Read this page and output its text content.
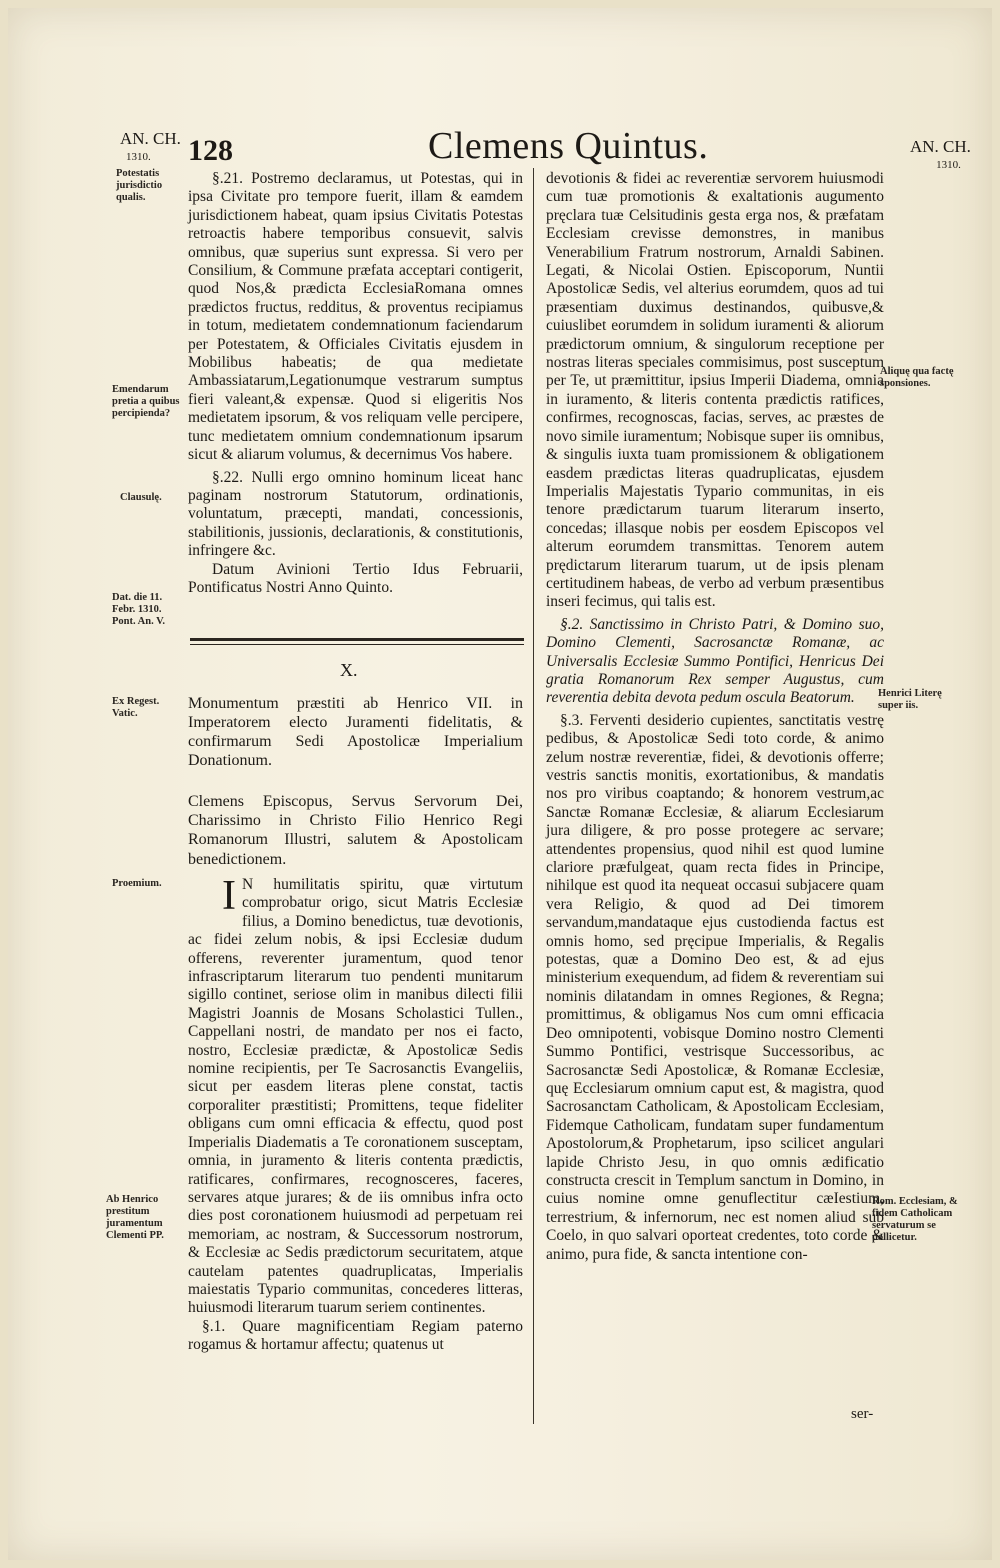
AN. CH.
1310.	128	Clemens Quintus.	AN. CH.
1310.
Potestatis jurisdictio qualis.
Emendarum pretia a quibus percipienda?
Clausulę.
Dat. die 11. Febr. 1310. Pont. An. V.
Ex Regest. Vatic.
Proemium.
Ab Henrico prestitum juramentum Clementi PP.
Aliquę qua factę sponsiones.
Henrici Literę super iis.
Rom. Ecclesiam, & fidem Catholicam servaturum se pollicetur.

§.21. Postremo declaramus, ut Potestas, qui in ipsa Civitate pro tempore fuerit, illam & eamdem jurisdictionem habeat, quam ipsius Civitatis Potestas retroactis habere temporibus consuevit, salvis omnibus, quæ superius sunt expressa. Si vero per Consilium, & Commune præfata acceptari contigerit, quod Nos,& prædicta EcclesiaRomana omnes prædictos fructus, redditus, & proventus recipiamus in totum, medietatem condemnationum faciendarum per Potestatem, & Officiales Civitatis ejusdem in Mobilibus habeatis; de qua medietate Ambassiatarum,Legationumque vestrarum sumptus fieri valeant,& expensæ. Quod si eligeritis Nos medietatem ipsorum, & vos reliquam velle percipere, tunc medietatem omnium condemnationum ipsarum sicut & aliarum volumus, & decernimus Vos habere.

§.22. Nulli ergo omnino hominum liceat hanc paginam nostrorum Statutorum, ordinationis, voluntatum, præcepti, mandati, concessionis, stabilitionis, jussionis, declarationis, & constitutionis, infringere &c.

Datum Avinioni Tertio Idus Februarii, Pontificatus Nostri Anno Quinto.

X.
Monumentum præstiti ab Henrico VII. in Imperatorem electo Juramenti fidelitatis, & confirmarum Sedi Apostolicæ Imperialium Donationum.
Clemens Episcopus, Servus Servorum Dei, Charissimo in Christo Filio Henrico Regi Romanorum Illustri, salutem & Apostolicam benedictionem.
I N humilitatis spiritu, quæ virtutum comprobatur origo, sicut Matris Ecclesiæ filius, a Domino benedictus, tuæ devotionis, ac fidei zelum nobis, & ipsi Ecclesiæ dudum offerens, reverenter juramentum, quod tenor infrascriptarum literarum tuo pendenti munitarum sigillo continet, seriose olim in manibus dilecti filii Magistri Joannis de Mosans Scholastici Tullen., Cappellani nostri, de mandato per nos ei facto, nostro, Ecclesiæ prædictæ, & Apostolicæ Sedis nomine recipientis, per Te Sacrosanctis Evangeliis, sicut per easdem literas plene constat, tactis corporaliter præstitisti; Promittens, teque fideliter obligans cum omni efficacia & effectu, quod post Imperialis Diadematis a Te coronationem susceptam, omnia, in juramento & literis contenta prædictis, ratificares, confirmares, recognosceres, faceres, servares atque jurares; & de iis omnibus infra octo dies post coronationem huiusmodi ad perpetuam rei memoriam, ac nostram, & Successorum nostrorum, & Ecclesiæ ac Sedis prædictorum securitatem, atque cautelam patentes quadruplicatas, Imperialis maiestatis Typario communitas, concederes litteras, huiusmodi literarum tuarum seriem continentes.

§.1. Quare magnificentiam Regiam paterno rogamus & hortamur affectu; quatenus ut

devotionis & fidei ac reverentiæ servorem huiusmodi cum tuæ promotionis & exaltationis augumento pręclara tuæ Celsitudinis gesta erga nos, & præfatam Ecclesiam crevisse demonstres, in manibus Venerabilium Fratrum nostrorum, Arnaldi Sabinen. Legati, & Nicolai Ostien. Episcoporum, Nuntii Apostolicæ Sedis, vel alterius eorumdem, quos ad tui præsentiam duximus destinandos, quibusve,& cuiuslibet eorumdem in solidum iuramenti & aliorum prædictorum omnium, & singulorum receptione per nostras literas speciales commisimus, post susceptum per Te, ut præmittitur, ipsius Imperii Diadema, omnia in iuramento, & literis contenta prædictis ratifices, confirmes, recognoscas, facias, serves, ac præstes de novo simile iuramentum; Nobisque super iis omnibus, & singulis iuxta tuam promissionem & obligationem easdem prædictas literas quadruplicatas, ejusdem Imperialis Majestatis Typario communitas, in eis tenore prædictarum tuarum literarum inserto, concedas; illasque nobis per eosdem Episcopos vel alterum eorumdem transmittas. Tenorem autem prędictarum literarum tuarum, ut de ipsis plenam certitudinem habeas, de verbo ad verbum præsentibus inseri fecimus, qui talis est.

§.2. Sanctissimo in Christo Patri, & Domino suo, Domino Clementi, Sacrosanctæ Romanæ, ac Universalis Ecclesiæ Summo Pontifici, Henricus Dei gratia Romanorum Rex semper Augustus, cum reverentia debita devota pedum oscula Beatorum.

§.3. Ferventi desiderio cupientes, sanctitatis vestrę pedibus, & Apostolicæ Sedi toto corde, & animo zelum nostræ reverentiæ, fidei, & devotionis offerre; vestris sanctis monitis, exortationibus, & mandatis nos pro viribus coaptando; & honorem vestrum,ac Sanctæ Romanæ Ecclesiæ, & aliarum Ecclesiarum jura diligere, & pro posse protegere ac servare; attendentes propensius, quod nihil est quod lumine clariore præfulgeat, quam recta fides in Principe, nihilque est quod ita nequeat occasui subjacere quam vera Religio, & quod ad Dei timorem servandum,mandataque ejus custodienda factus est omnis homo, sed pręcipue Imperialis, & Regalis potestas, quæ a Domino Deo est, & ad ejus ministerium exequendum, ad fidem & reverentiam sui nominis dilatandam in omnes Regiones, & Regna; promittimus, & obligamus Nos cum omni efficacia Deo omnipotenti, vobisque Domino nostro Clementi Summo Pontifici, vestrisque Successoribus, ac Sacrosanctæ Sedi Apostolicæ, & Romanæ Ecclesiæ, quę Ecclesiarum omnium caput est, & magistra, quod Sacrosanctam Catholicam, & Apostolicam Ecclesiam, Fidemque Catholicam, fundatam super fundamentum Apostolorum,& Prophetarum, ipso scilicet angulari lapide Christo Jesu, in quo omnis ædificatio constructa crescit in Templum sanctum in Domino, in cuius nomine omne genuflectitur cæIestium, terrestrium, & infernorum, nec est nomen aliud sub Coelo, in quo salvari oporteat credentes, toto corde & animo, pura fide, & sancta intentione con-

ser-
